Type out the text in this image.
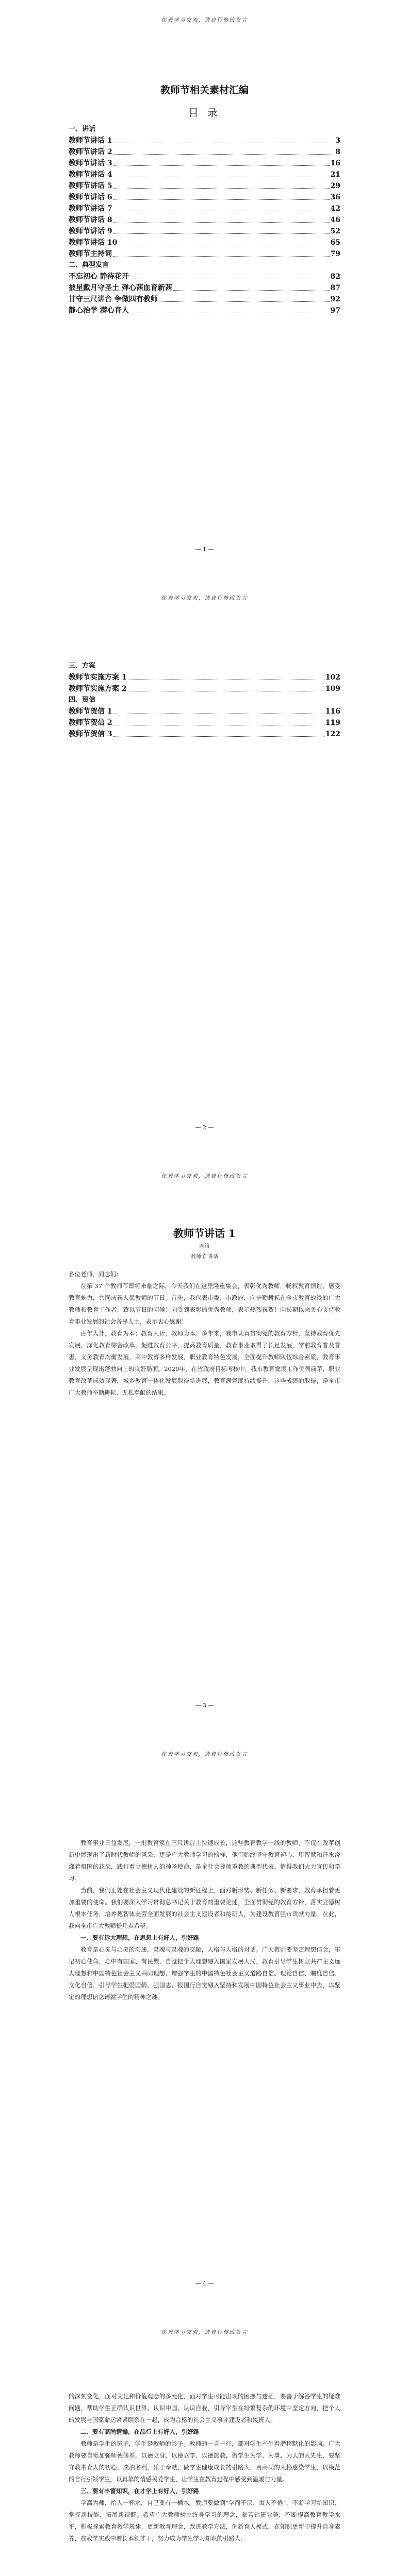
优秀学习交流，请自行修改发言
教师节相关素材汇编
目 录
一、讲话
教师节讲话 1	3
教师节讲话 2	8
教师节讲话 3	16
教师节讲话 4	21
教师节讲话 5	29
教师节讲话 6	36
教师节讲话 7	42
教师节讲话 8	46
教师节讲话 9	52
教师节讲话 10	65
教师节主持词	79
二、典型发言
不忘初心 静待花开	82
披星戴月守圣土 殚心茜血育新茜	87
甘守三尺讲台 争做四有教师	92
静心治学 潜心育人	97
— 1 —
优秀学习交流，请自行修改发言
三、方案
教师节实施方案 1	102
教师节实施方案 2	109
四、贺信
教师节贺信 1	116
教师节贺信 2	119
教师节贺信 3	122
— 2 —
优秀学习交流，请自行修改发言
教师节讲话 1
网络
教师节 讲话

各位老师、同志们：

在第 37 个教师节即将来临之际，今天我们在这里隆重集会，表彰优秀教师，畅叙教育情谊，感受教育魅力，共同庆祝人民教师的节日。首先，我代表市委、市政府，向辛勤耕耘在全市教育战线的广大教师和教育工作者，致以节日的问候！向受到表彰的优秀教师，表示热烈祝贺！向长期以来关心支持教育事业发展的社会各界人士，表示衷心感谢！

百年大计，教育为本；教育大计，教师为本。多年来，我市认真贯彻党的教育方针，坚持教育优先发展，深化教育综合改革，促进教育公平，提高教育质量，教育事业取得了长足发展，学前教育普及普惠，义务教育均衡发展，高中教育多样发展，职业教育特色发展，全面提升教师队伍综合素质，教育事业发展呈现出蓬勃向上的良好局面。2020年，在省政府目标考核中，我市教育发展工作位列前茅，职业教育改革成效显著，城乡教育一体化发展取得新进展，教育满意度持续提升，这些成绩的取得，是全市广大教师辛勤耕耘、无私奉献的结果。

— 3 —
优秀学习交流，请自行修改发言

教育事业日益发展，一批教育家在三尺讲台上快速成长，这些教育教学一线的教师，不仅在改革创新中展现出了新时代教师的风采，更是广大教师学习的榜样，他们始终坚守教育初心，用智慧和汗水浇灌着祖国的花朵，践行着立德树人的神圣使命，是全社会尊师重教的典型代表，值得我们大力宣传和学习。

当前，我们正处在社会主义现代化建设的新征程上，面对新形势、新任务、新要求，教育承担着更加重要的使命。我们要深入学习贯彻总书记关于教育的重要论述，全面贯彻党的教育方针，落实立德树人根本任务，培养德智体美劳全面发展的社会主义建设者和接班人，为建设教育强市贡献力量。在此，我向全市广大教师提几点希望。

一、要有远大理想，在思想上有好人，引好路

教育是心灵与心灵的沟通，灵魂与灵魂的交融，人格与人格的对话。广大教师要坚定理想信念，牢记初心使命，心中有国家、有民族，自觉把个人理想融入国家发展大局，教育引导学生树立共产主义远大理想和中国特色社会主义共同理想，增强学生的中国特色社会主义道路自信、理论自信、制度自信、文化自信，引导学生把爱国情、强国志、报国行自觉融入坚持和发展中国特色社会主义事业中去，以坚定的理想信念铸就学生的精神之魂。

— 4 —
优秀学习交流，请自行修改发言

的深刻变化，面对文化和价值观念的多元化，面对学生可能出现的困惑与迷茫，要善于解答学生的疑难问题，帮助学生正确认识世界、认识中国、认识自我，引导学生在纷繁复杂的环境中坚定方向，把个人的发展与国家命运紧紧联系在一起，成为合格的社会主义事业建设者和接班人。

二、要有高尚情操，在品行上有好人，引好路

教师是学生的镜子，学生是教师的影子。教师的一言一行，都对学生产生着潜移默化的影响。广大教师要自觉加强师德修养，以德立身、以德立学、以德施教，做学生为学、为事、为人的大先生，要坚守教书育人的初心，淡泊名利，乐于奉献，做学生健康成长的引路人，用高尚的人格感染学生，以模范的言行引领学生，以真挚的情感关爱学生，让学生在教育过程中感受到温暖与力量。

三、要有丰富知识，在才学上有好人，引好路

学高为师，给人一杯水，自己要有一桶水。教师要做到“学而不厌、诲人不倦”，不断学习新知识、掌握新技能、拓展新视野。希望广大教师树立终身学习的理念，刻苦钻研业务，不断提高教育教学水平，积极探索教育教学规律，更新教育理念，改进教学方法，创新育人模式，在知识更新中提升自身素养，在教学实践中增长本领才干，努力成为学生学习知识的引路人。
